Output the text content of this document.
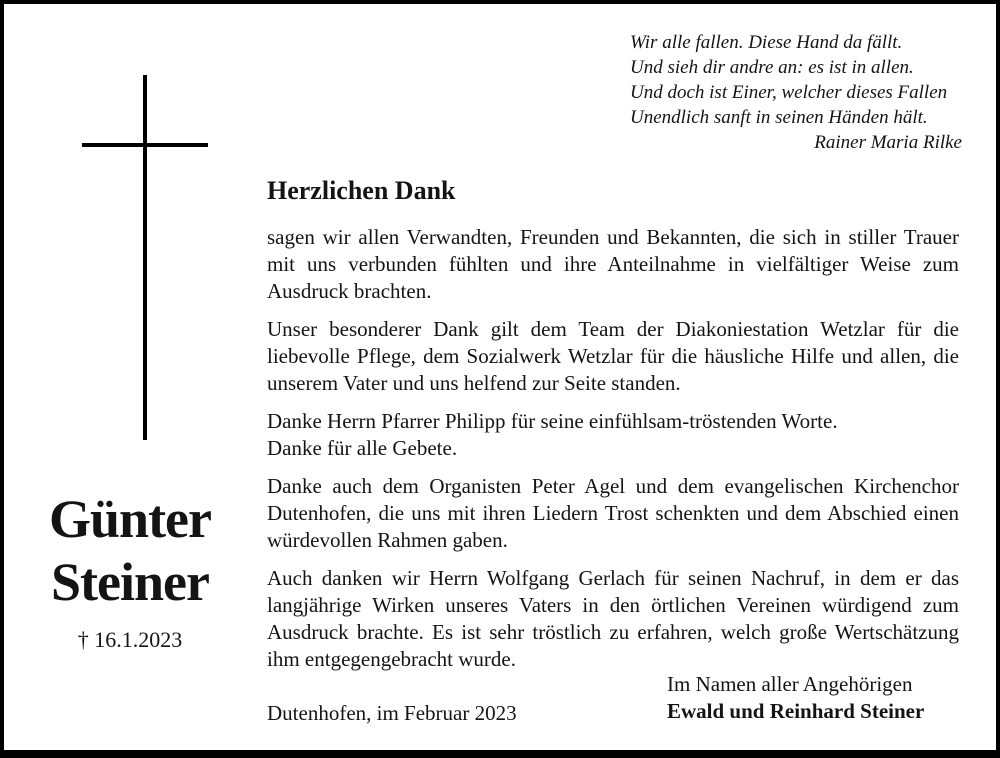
Wir alle fallen. Diese Hand da fällt.
Und sieh dir andre an: es ist in allen.
Und doch ist Einer, welcher dieses Fallen
Unendlich sanft in seinen Händen hält.
Rainer Maria Rilke
Günter
Steiner
† 16.1.2023
Herzlichen Dank

sagen wir allen Verwandten, Freunden und Bekannten, die sich in stiller Trauer mit uns verbunden fühlten und ihre Anteilnahme in vielfältiger Weise zum Ausdruck brachten.

Unser besonderer Dank gilt dem Team der Diakoniestation Wetzlar für die liebevolle Pflege, dem Sozialwerk Wetzlar für die häusliche Hilfe und allen, die unserem Vater und uns helfend zur Seite standen.

Danke Herrn Pfarrer Philipp für seine einfühlsam-tröstenden Worte.
Danke für alle Gebete.

Danke auch dem Organisten Peter Agel und dem evangelischen Kirchenchor Dutenhofen, die uns mit ihren Liedern Trost schenkten und dem Abschied einen würdevollen Rahmen gaben.

Auch danken wir Herrn Wolfgang Gerlach für seinen Nachruf, in dem er das langjährige Wirken unseres Vaters in den örtlichen Vereinen würdigend zum Ausdruck brachte. Es ist sehr tröstlich zu erfahren, welch große Wertschätzung ihm entgegengebracht wurde.

Dutenhofen, im Februar 2023
Im Namen aller Angehörigen
Ewald und Reinhard Steiner
